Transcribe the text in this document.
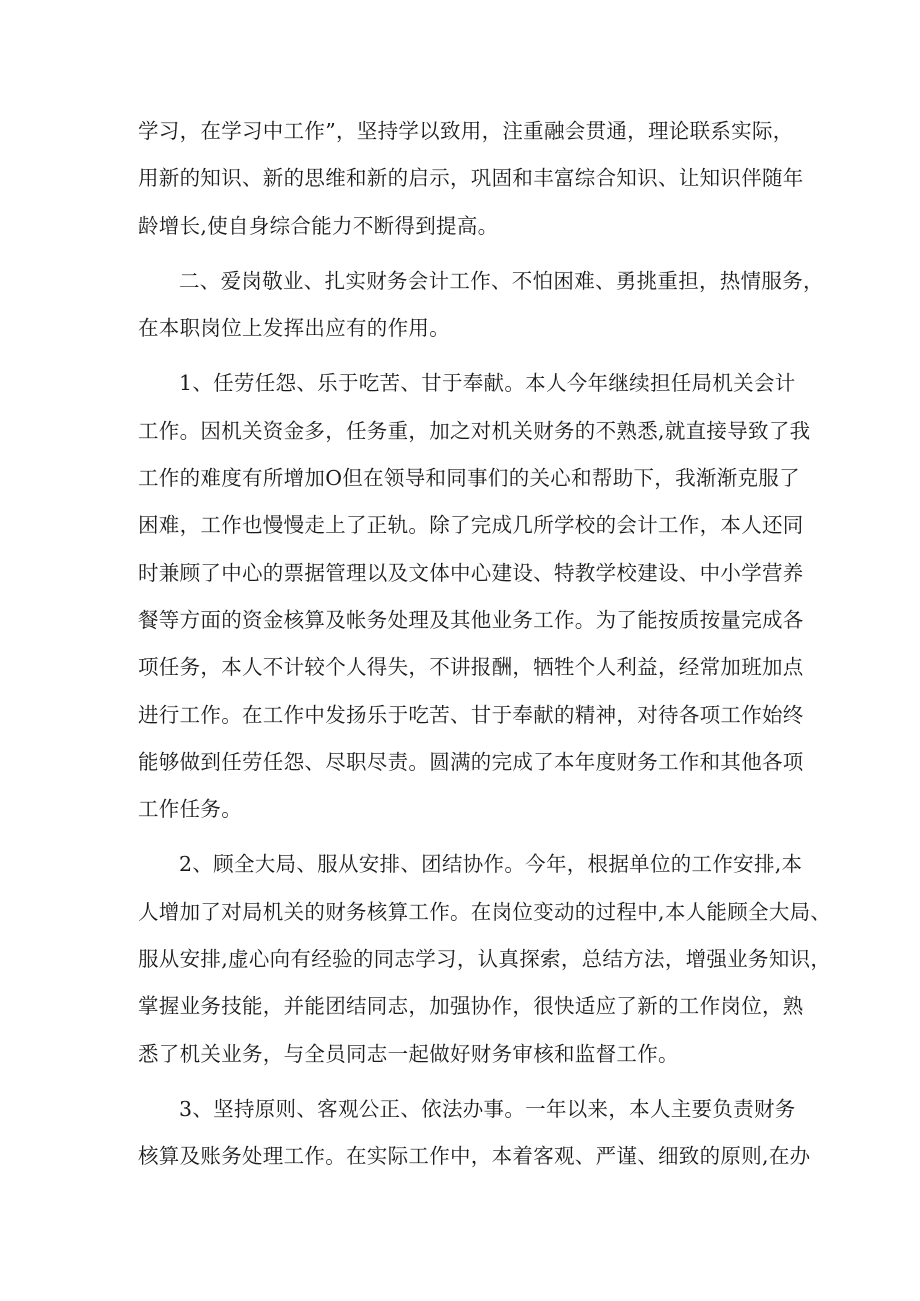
学习，在学习中工作”，坚持学以致用，注重融会贯通，理论联系实际，
用新的知识、新的思维和新的启示，巩固和丰富综合知识、让知识伴随年
龄增长,使自身综合能力不断得到提高。
二、爱岗敬业、扎实财务会计工作、不怕困难、勇挑重担，热情服务，
在本职岗位上发挥出应有的作用。
1、任劳任怨、乐于吃苦、甘于奉献。本人今年继续担任局机关会计
工作。因机关资金多，任务重，加之对机关财务的不熟悉,就直接导致了我
工作的难度有所增加O但在领导和同事们的关心和帮助下，我渐渐克服了
困难，工作也慢慢走上了正轨。除了完成几所学校的会计工作，本人还同
时兼顾了中心的票据管理以及文体中心建设、特教学校建设、中小学营养
餐等方面的资金核算及帐务处理及其他业务工作。为了能按质按量完成各
项任务，本人不计较个人得失，不讲报酬，牺牲个人利益，经常加班加点
进行工作。在工作中发扬乐于吃苦、甘于奉献的精神，对待各项工作始终
能够做到任劳任怨、尽职尽责。圆满的完成了本年度财务工作和其他各项
工作任务。
2、顾全大局、服从安排、团结协作。今年，根据单位的工作安排,本
人增加了对局机关的财务核算工作。在岗位变动的过程中,本人能顾全大局、
服从安排,虚心向有经验的同志学习，认真探索，总结方法，增强业务知识，
掌握业务技能，并能团结同志，加强协作，很快适应了新的工作岗位，熟
悉了机关业务，与全员同志一起做好财务审核和监督工作。
3、坚持原则、客观公正、依法办事。一年以来，本人主要负责财务
核算及账务处理工作。在实际工作中，本着客观、严谨、细致的原则,在办
